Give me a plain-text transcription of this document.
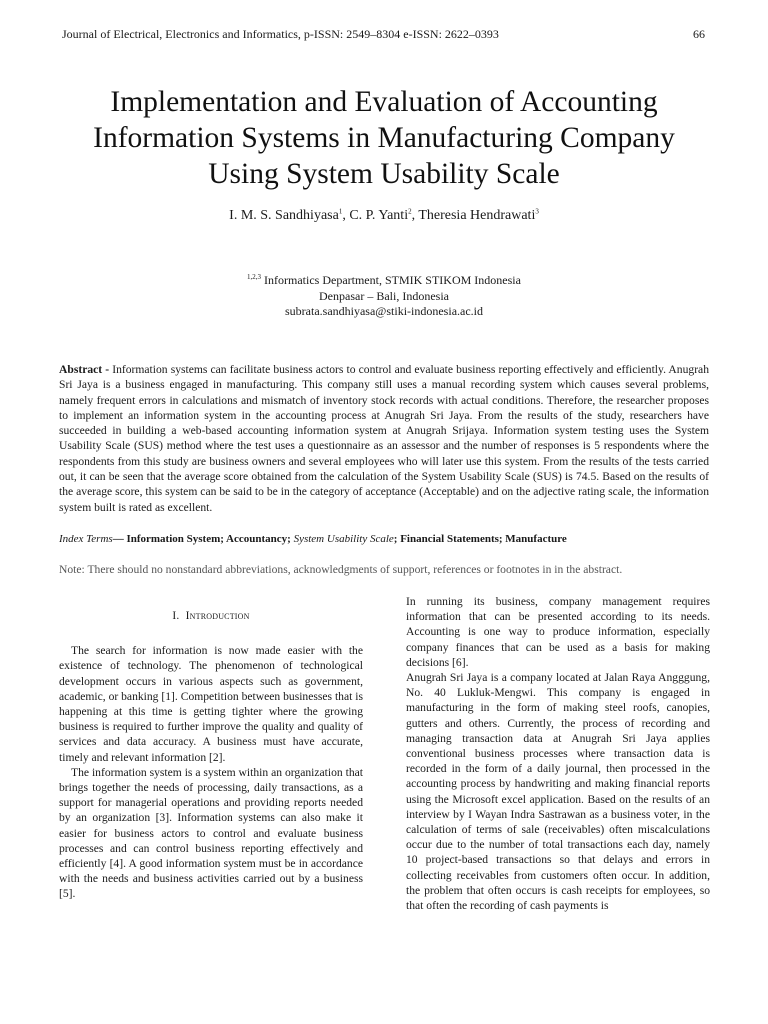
Journal of Electrical, Electronics and Informatics, p-ISSN: 2549–8304 e-ISSN: 2622–0393	66
Implementation and Evaluation of Accounting Information Systems in Manufacturing Company Using System Usability Scale
I. M. S. Sandhiyasa$^1$, C. P. Yanti$^2$, Theresia Hendrawati$^3$
$^{1,2,3}$ Informatics Department, STMIK STIKOM Indonesia
Denpasar – Bali, Indonesia
subrata.sandhiyasa@stiki-indonesia.ac.id
Abstract - Information systems can facilitate business actors to control and evaluate business reporting effectively and efficiently. Anugrah Sri Jaya is a business engaged in manufacturing. This company still uses a manual recording system which causes several problems, namely frequent errors in calculations and mismatch of inventory stock records with actual conditions. Therefore, the researcher proposes to implement an information system in the accounting process at Anugrah Sri Jaya. From the results of the study, researchers have succeeded in building a web-based accounting information system at Anugrah Srijaya. Information system testing uses the System Usability Scale (SUS) method where the test uses a questionnaire as an assessor and the number of responses is 5 respondents where the respondents from this study are business owners and several employees who will later use this system. From the results of the tests carried out, it can be seen that the average score obtained from the calculation of the System Usability Scale (SUS) is 74.5. Based on the results of the average score, this system can be said to be in the category of acceptance (Acceptable) and on the adjective rating scale, the information system built is rated as excellent.
Index Terms— Information System; Accountancy; System Usability Scale; Financial Statements; Manufacture
Note: There should no nonstandard abbreviations, acknowledgments of support, references or footnotes in in the abstract.
I. Introduction

The search for information is now made easier with the existence of technology. The phenomenon of technological development occurs in various aspects such as government, academic, or banking [1]. Competition between businesses that is happening at this time is getting tighter where the growing business is required to further improve the quality and quality of services and data accuracy. A business must have accurate, timely and relevant information [2].

The information system is a system within an organization that brings together the needs of processing, daily transactions, as a support for managerial operations and providing reports needed by an organization [3]. Information systems can also make it easier for business actors to control and evaluate business processes and can control business reporting effectively and efficiently [4]. A good information system must be in accordance with the needs and business activities carried out by a business [5].

In running its business, company management requires information that can be presented according to its needs. Accounting is one way to produce information, especially company finances that can be used as a basis for making decisions [6].

Anugrah Sri Jaya is a company located at Jalan Raya Angggung, No. 40 Lukluk-Mengwi. This company is engaged in manufacturing in the form of making steel roofs, canopies, gutters and others. Currently, the process of recording and managing transaction data at Anugrah Sri Jaya applies conventional business processes where transaction data is recorded in the form of a daily journal, then processed in the accounting process by handwriting and making financial reports using the Microsoft excel application. Based on the results of an interview by I Wayan Indra Sastrawan as a business voter, in the calculation of terms of sale (receivables) often miscalculations occur due to the number of total transactions each day, namely 10 project-based transactions so that delays and errors in collecting receivables from customers often occur. In addition, the problem that often occurs is cash receipts for employees, so that often the recording of cash payments is
